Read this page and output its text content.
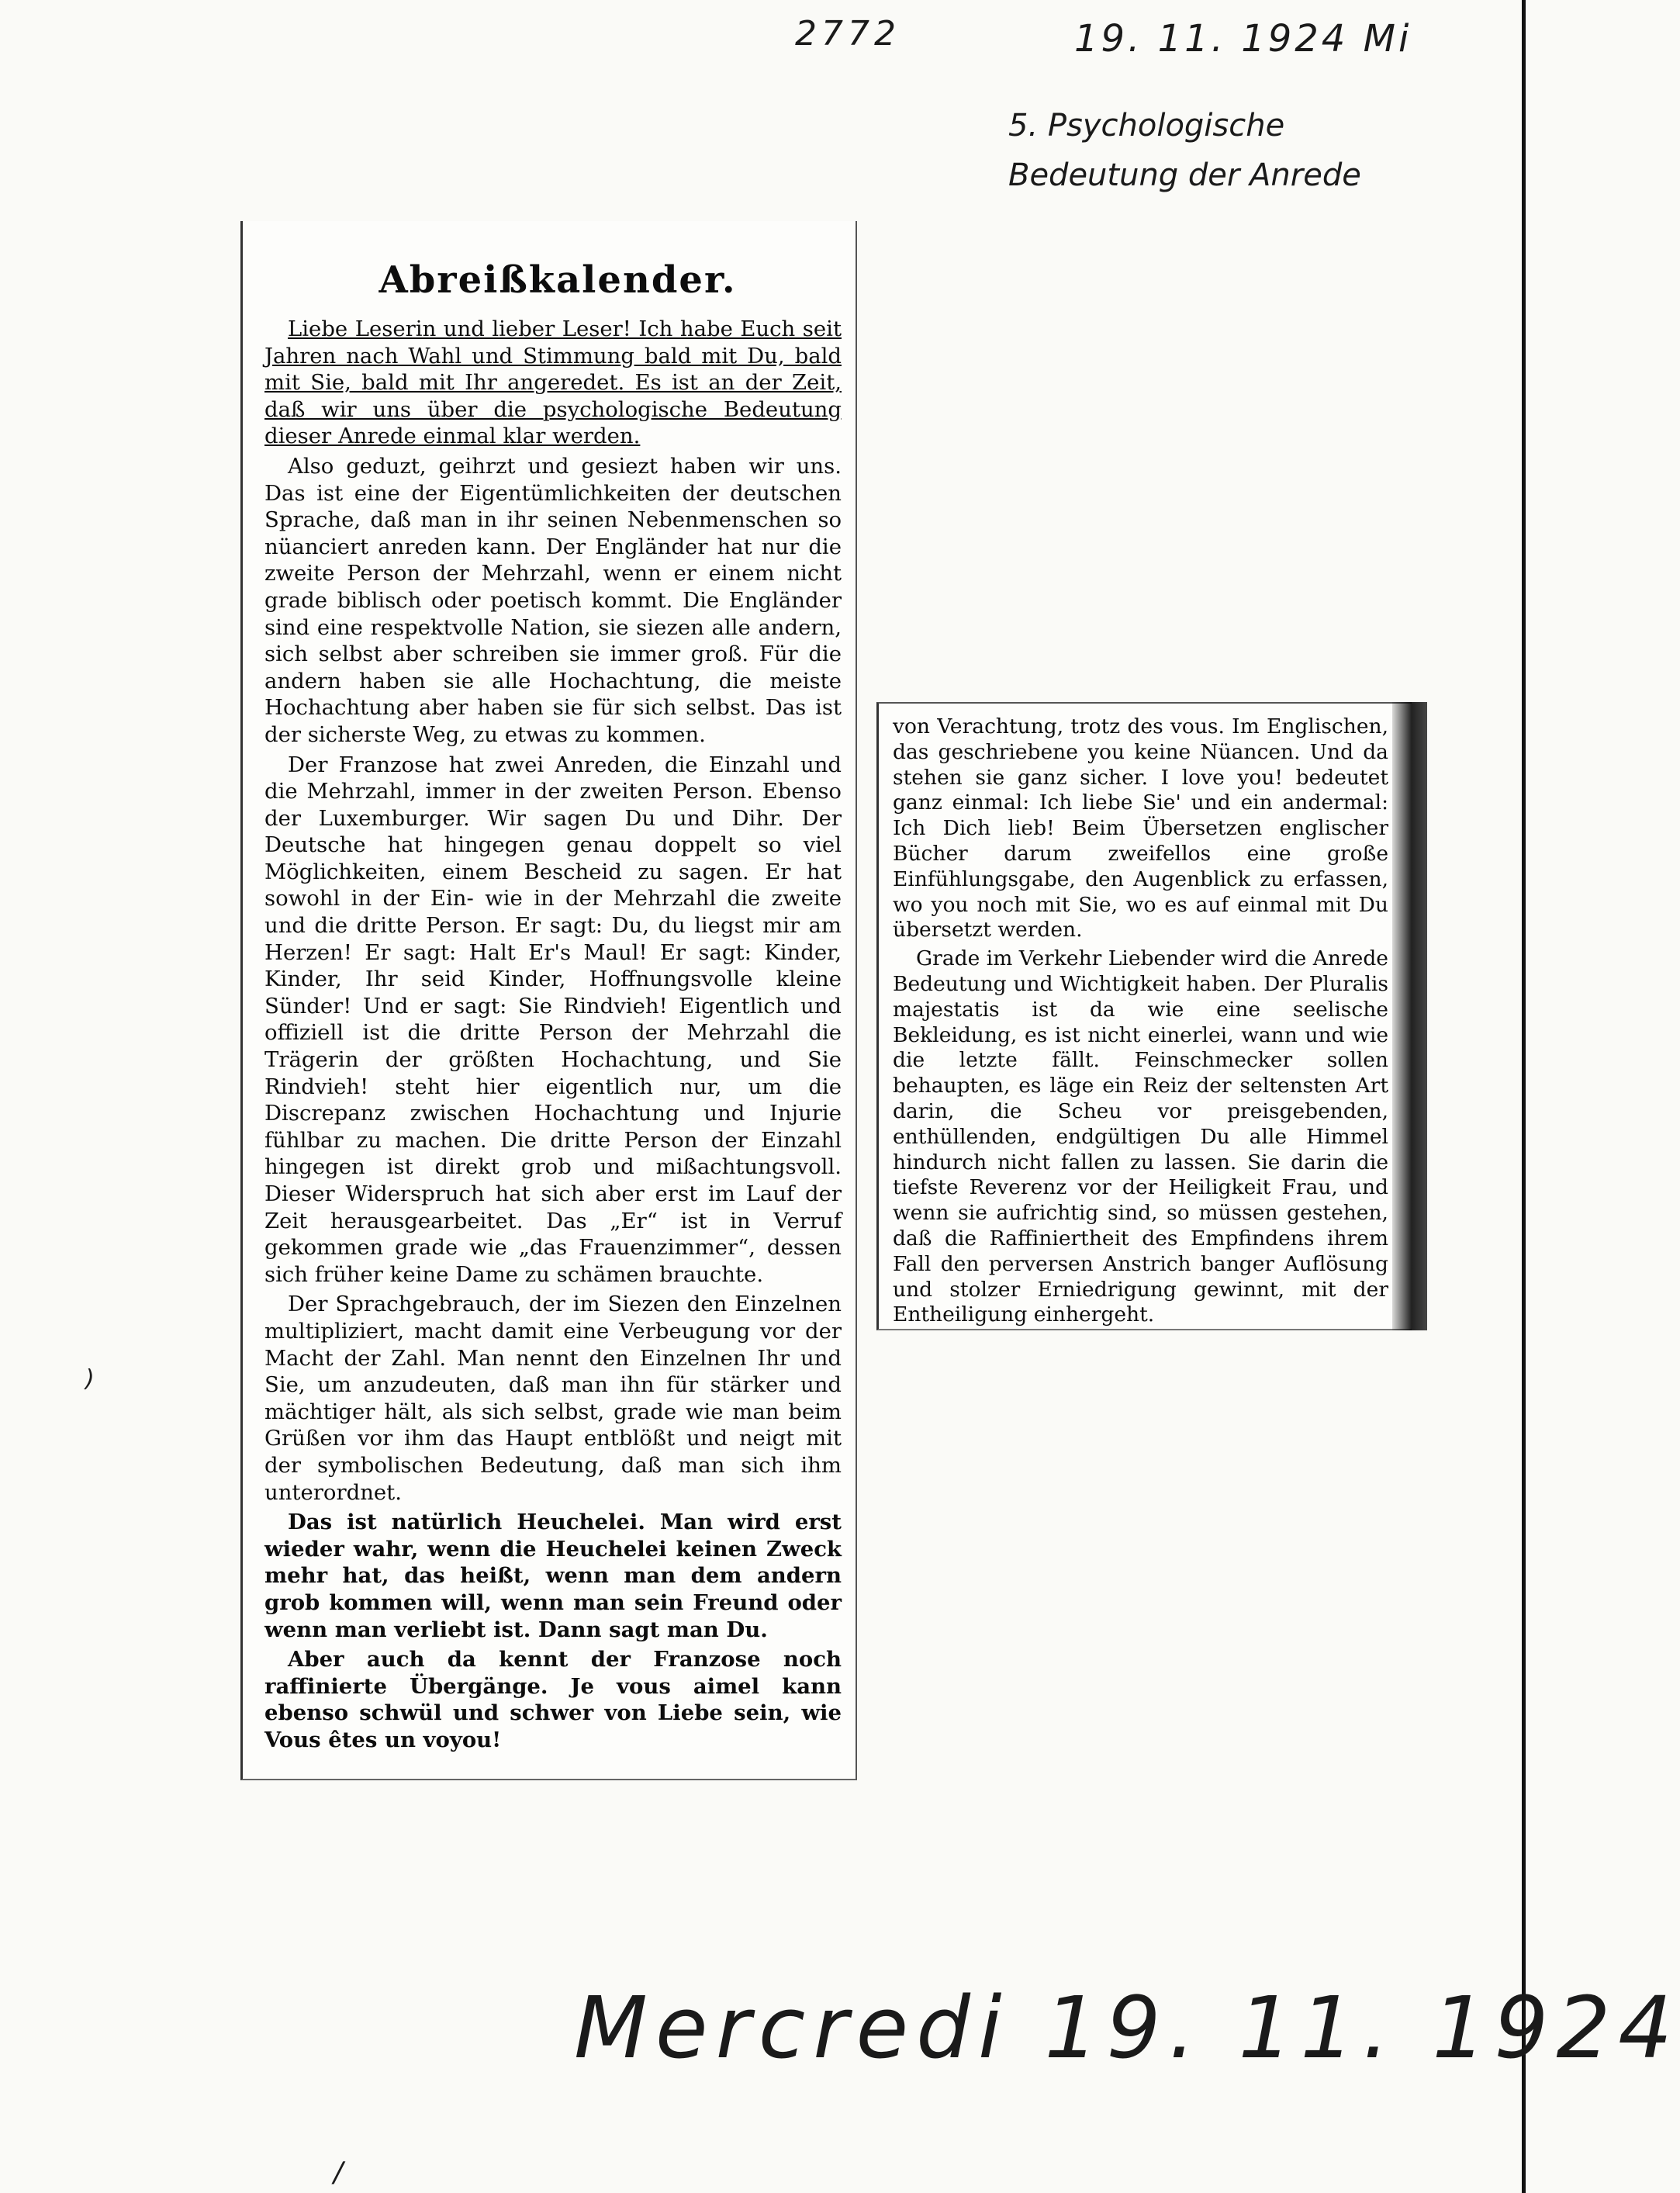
2772	19. 11. 1924 Mi
5. Psychologische Bedeutung der Anrede
Abreißkalender.

Liebe Leserin und lieber Leser! Ich habe Euch seit Jahren nach Wahl und Stimmung bald mit Du, bald mit Sie, bald mit Ihr angeredet. Es ist an der Zeit, daß wir uns über die psychologische Bedeutung dieser Anrede einmal klar werden.

Also geduzt, geihrzt und gesiezt haben wir uns. Das ist eine der Eigentümlichkeiten der deutschen Sprache, daß man in ihr seinen Nebenmenschen so nüanciert anreden kann. Der Engländer hat nur die zweite Person der Mehrzahl, wenn er einem nicht grade biblisch oder poetisch kommt. Die Engländer sind eine respektvolle Nation, sie siezen alle andern, sich selbst aber schreiben sie immer groß. Für die andern haben sie alle Hochachtung, die meiste Hochachtung aber haben sie für sich selbst. Das ist der sicherste Weg, zu etwas zu kommen.

Der Franzose hat zwei Anreden, die Einzahl und die Mehrzahl, immer in der zweiten Person. Ebenso der Luxemburger. Wir sagen Du und Dihr. Der Deutsche hat hingegen genau doppelt so viel Möglichkeiten, einem Bescheid zu sagen. Er hat sowohl in der Ein- wie in der Mehrzahl die zweite und die dritte Person. Er sagt: Du, du liegst mir am Herzen! Er sagt: Halt Er's Maul! Er sagt: Kinder, Kinder, Ihr seid Kinder, Hoffnungsvolle kleine Sünder! Und er sagt: Sie Rindvieh! Eigentlich und offiziell ist die dritte Person der Mehrzahl die Trägerin der größten Hochachtung, und Sie Rindvieh! steht hier eigentlich nur, um die Discrepanz zwischen Hochachtung und Injurie fühlbar zu machen. Die dritte Person der Einzahl hingegen ist direkt grob und mißachtungsvoll. Dieser Widerspruch hat sich aber erst im Lauf der Zeit herausgearbeitet. Das „Er“ ist in Verruf gekommen grade wie „das Frauenzimmer“, dessen sich früher keine Dame zu schämen brauchte.

Der Sprachgebrauch, der im Siezen den Einzelnen multipliziert, macht damit eine Verbeugung vor der Macht der Zahl. Man nennt den Einzelnen Ihr und Sie, um anzudeuten, daß man ihn für stärker und mächtiger hält, als sich selbst, grade wie man beim Grüßen vor ihm das Haupt entblößt und neigt mit der symbolischen Bedeutung, daß man sich ihm unterordnet.

Das ist natürlich Heuchelei. Man wird erst wieder wahr, wenn die Heuchelei keinen Zweck mehr hat, das heißt, wenn man dem andern grob kommen will, wenn man sein Freund oder wenn man verliebt ist. Dann sagt man Du.

Aber auch da kennt der Franzose noch raffinierte Übergänge. Je vous aimel kann ebenso schwül und schwer von Liebe sein, wie Vous êtes un voyou!

von Verachtung, trotz des vous. Im Englischen, das geschriebene you keine Nüancen. Und da stehen sie ganz sicher. I love you! bedeutet ganz einmal: Ich liebe Sie' und ein andermal: Ich Dich lieb! Beim Übersetzen englischer Bücher darum zweifellos eine große Einfühlungsgabe, den Augenblick zu erfassen, wo you noch mit Sie, wo es auf einmal mit Du übersetzt werden.

Grade im Verkehr Liebender wird die Anrede Bedeutung und Wichtigkeit haben. Der Pluralis majestatis ist da wie eine seelische Bekleidung, es ist nicht einerlei, wann und wie die letzte fällt. Feinschmecker sollen behaupten, es läge ein Reiz der seltensten Art darin, die Scheu vor preisgebenden, enthüllenden, endgültigen Du alle Himmel hindurch nicht fallen zu lassen. Sie darin die tiefste Reverenz vor der Heiligkeit Frau, und wenn sie aufrichtig sind, so müssen gestehen, daß die Raffiniertheit des Empfindens ihrem Fall den perversen Anstrich banger Auflösung und stolzer Erniedrigung gewinnt, mit der Entheiligung einhergeht.

)
Mercredi 19. 11. 1924
/
